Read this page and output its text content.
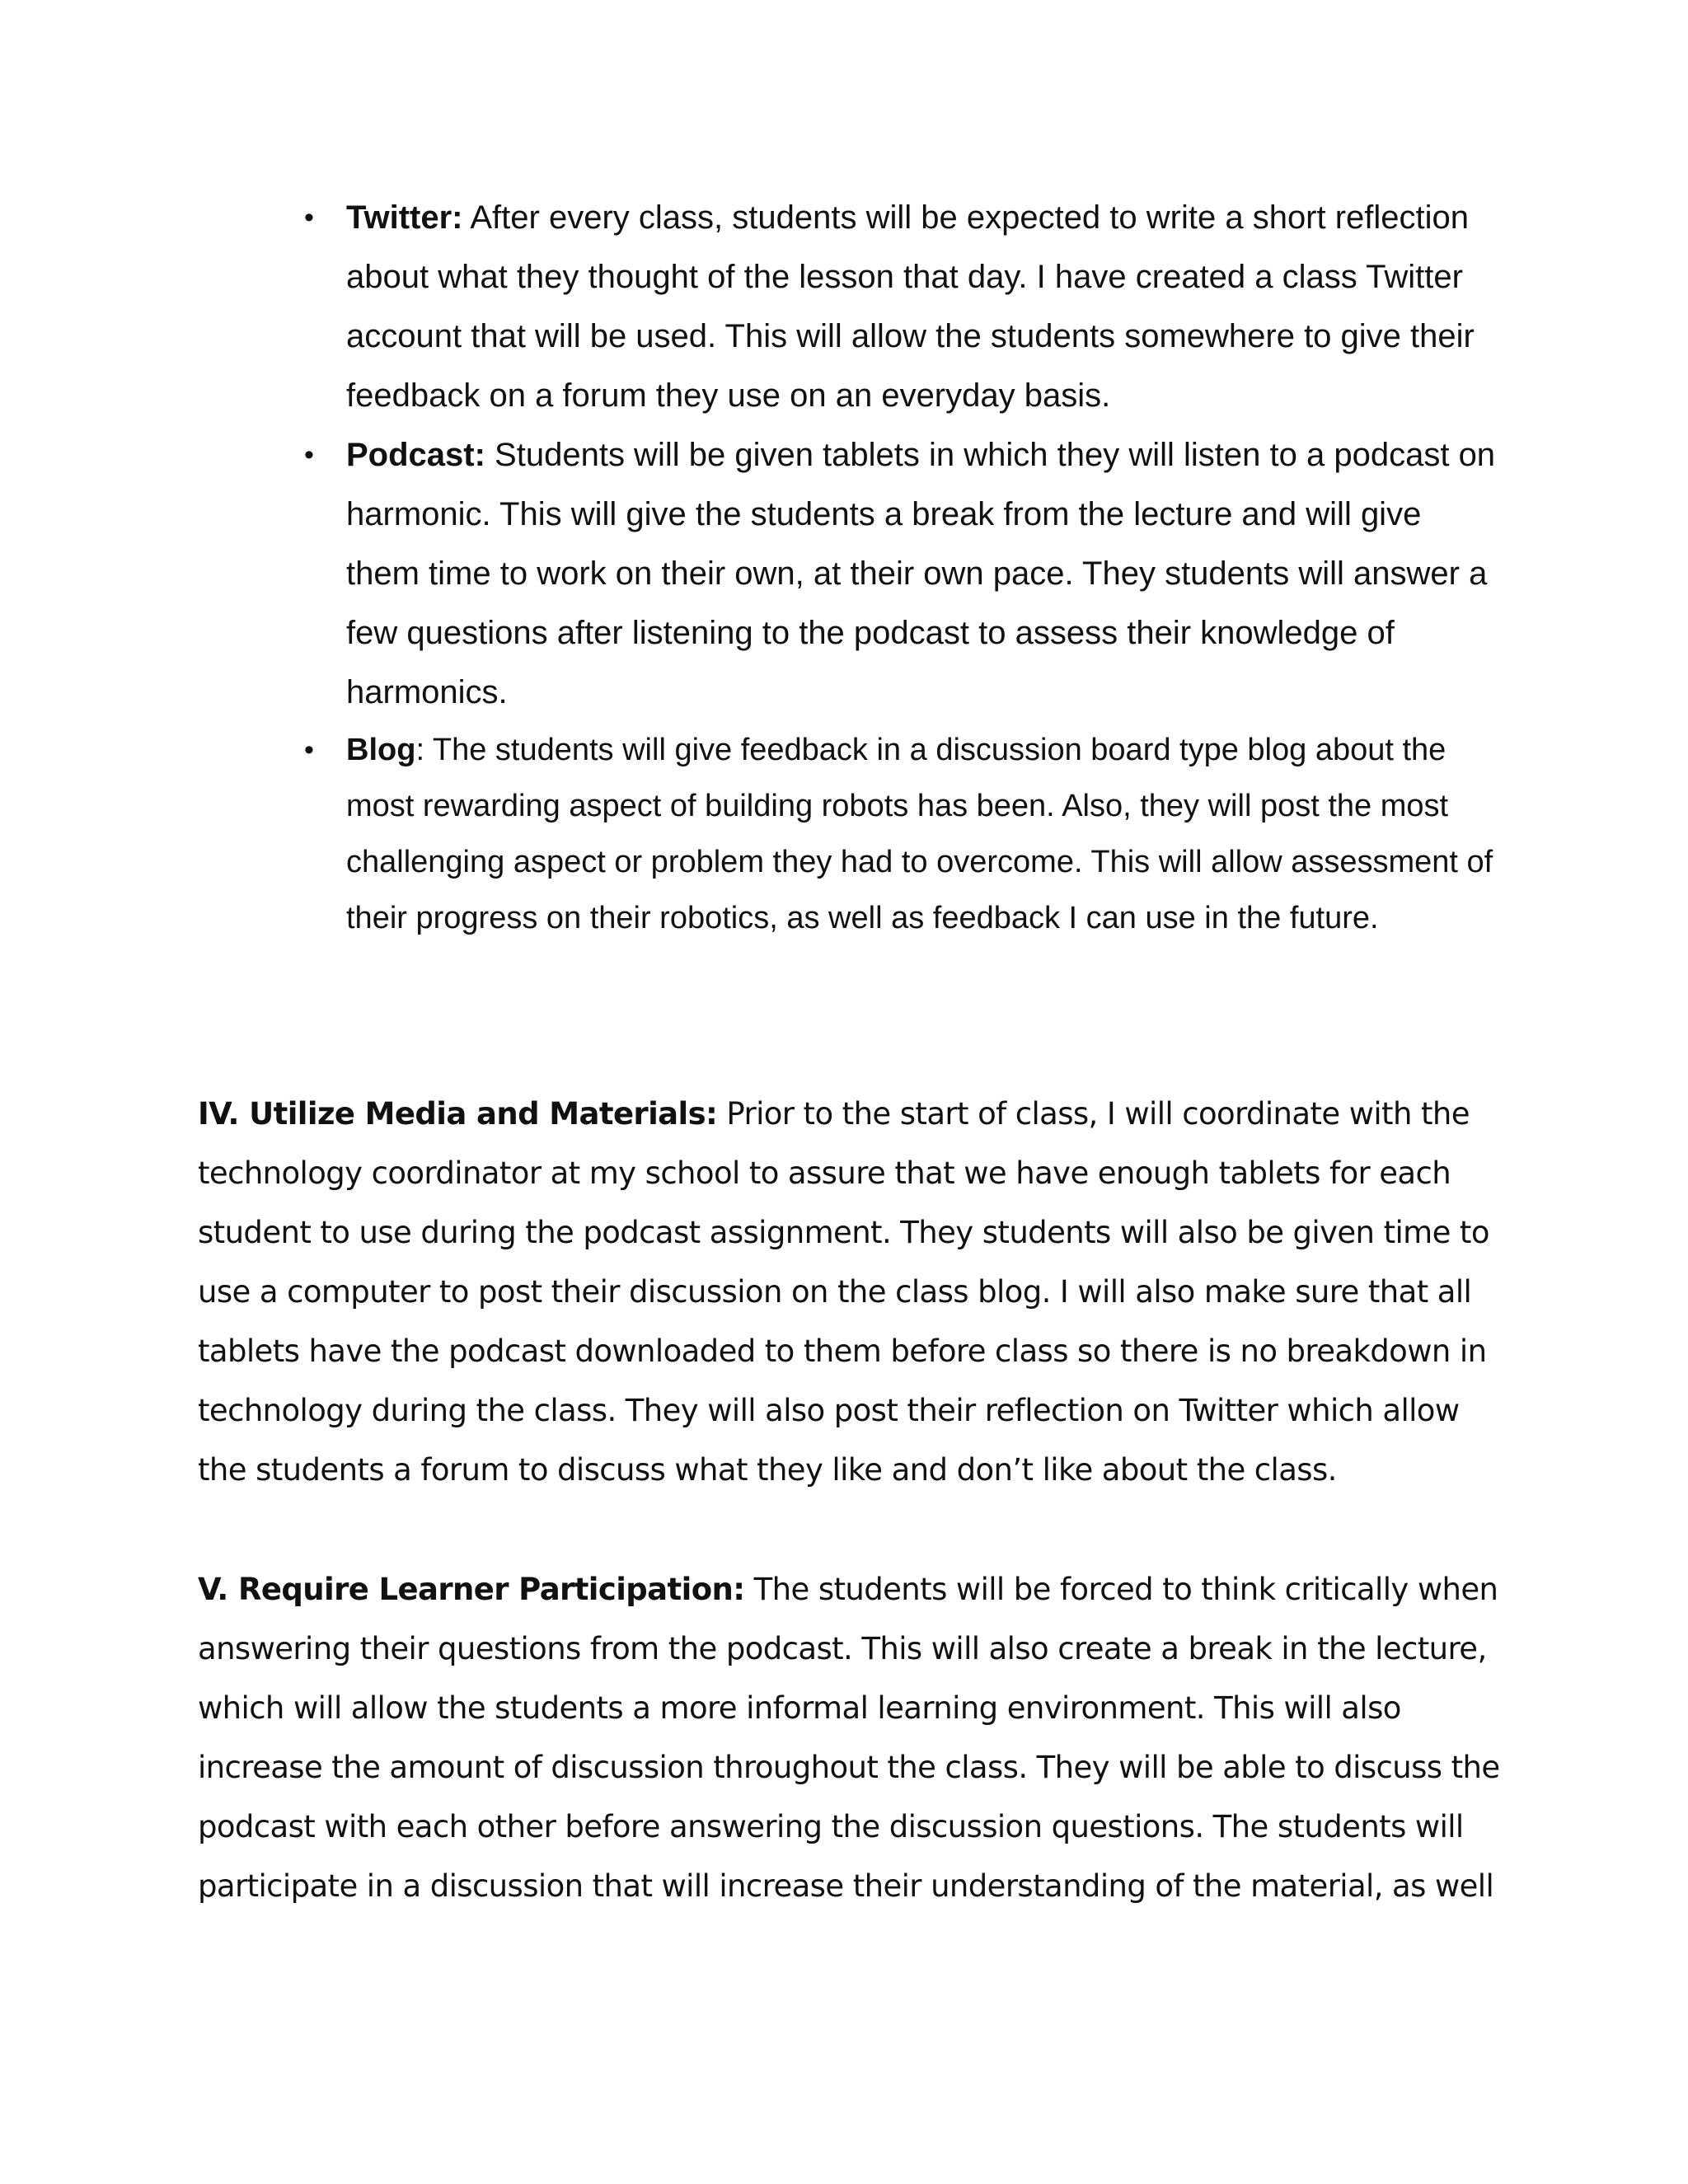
• Twitter: After every class, students will be expected to write a short reflection about what they thought of the lesson that day. I have created a class Twitter account that will be used. This will allow the students somewhere to give their feedback on a forum they use on an everyday basis.
• Podcast: Students will be given tablets in which they will listen to a podcast on harmonic. This will give the students a break from the lecture and will give them time to work on their own, at their own pace. They students will answer a few questions after listening to the podcast to assess their knowledge of harmonics.
• Blog: The students will give feedback in a discussion board type blog about the most rewarding aspect of building robots has been. Also, they will post the most challenging aspect or problem they had to overcome. This will allow assessment of their progress on their robotics, as well as feedback I can use in the future.

IV. Utilize Media and Materials: Prior to the start of class, I will coordinate with the technology coordinator at my school to assure that we have enough tablets for each student to use during the podcast assignment. They students will also be given time to use a computer to post their discussion on the class blog. I will also make sure that all tablets have the podcast downloaded to them before class so there is no breakdown in technology during the class. They will also post their reflection on Twitter which allow the students a forum to discuss what they like and don’t like about the class.

V. Require Learner Participation: The students will be forced to think critically when answering their questions from the podcast. This will also create a break in the lecture, which will allow the students a more informal learning environment. This will also increase the amount of discussion throughout the class. They will be able to discuss the podcast with each other before answering the discussion questions. The students will participate in a discussion that will increase their understanding of the material, as well
